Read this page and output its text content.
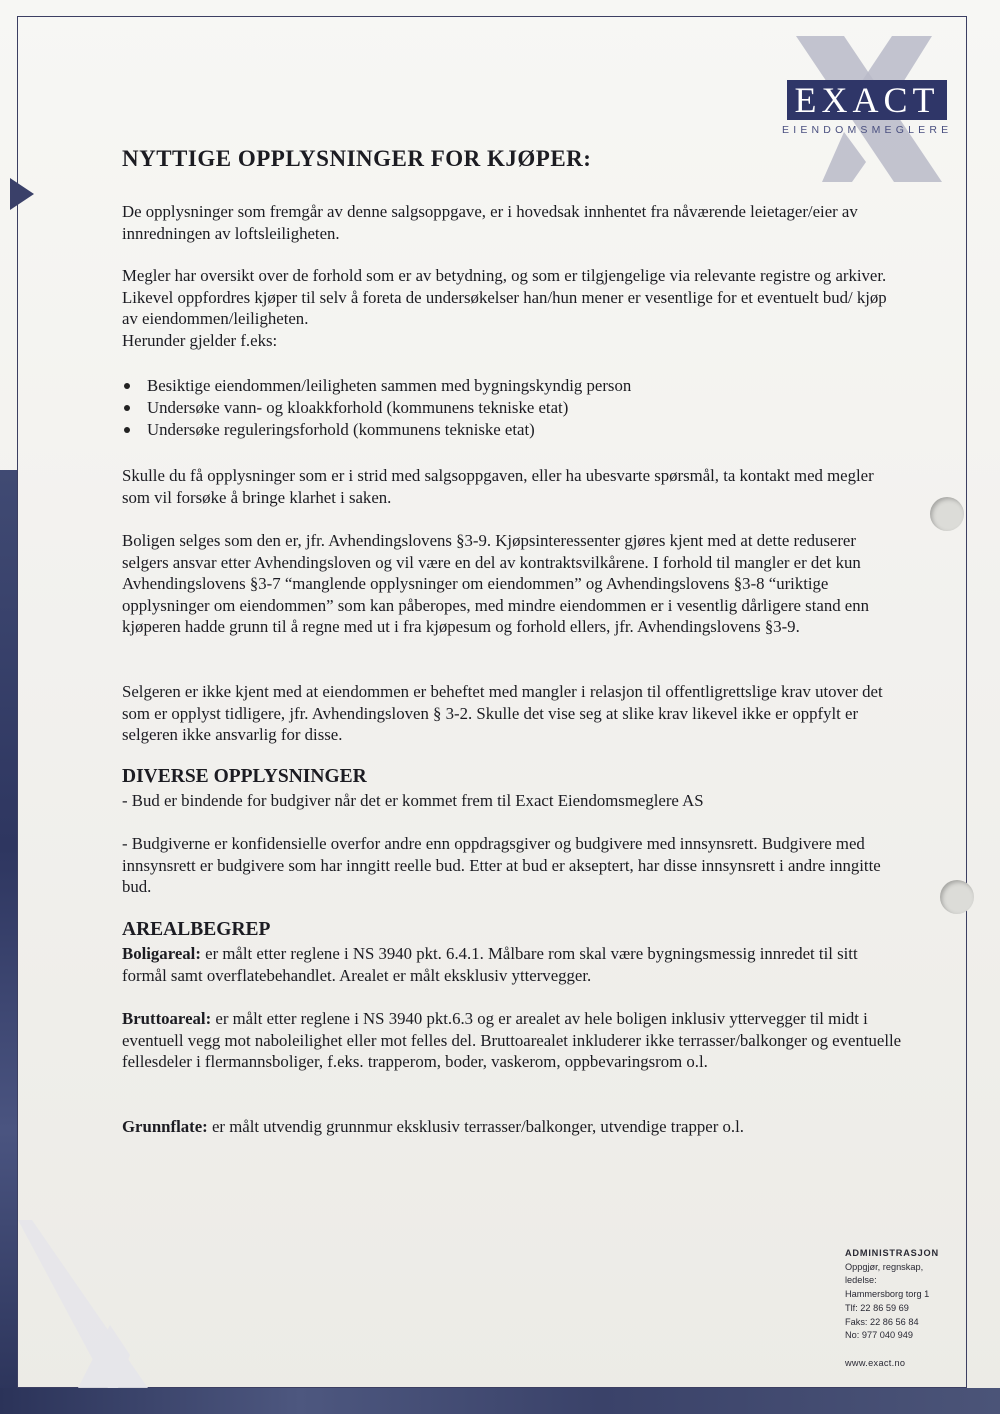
EXACT
EIENDOMSMEGLERE
NYTTIGE OPPLYSNINGER FOR KJØPER:

De opplysninger som fremgår av denne salgsoppgave, er i hovedsak innhentet fra nåværende leietager/eier av innredningen av loftsleiligheten.

Megler har oversikt over de forhold som er av betydning, og som er tilgjengelige via relevante registre og arkiver. Likevel oppfordres kjøper til selv å foreta de undersøkelser han/hun mener er vesentlige for et eventuelt bud/ kjøp av eiendommen/leiligheten.

Herunder gjelder f.eks:

Besiktige eiendommen/leiligheten sammen med bygningskyndig person
Undersøke vann- og kloakkforhold (kommunens tekniske etat)
Undersøke reguleringsforhold (kommunens tekniske etat)

Skulle du få opplysninger som er i strid med salgsoppgaven, eller ha ubesvarte spørsmål, ta kontakt med megler som vil forsøke å bringe klarhet i saken.

Boligen selges som den er, jfr. Avhendingslovens §3-9. Kjøpsinteressenter gjøres kjent med at dette reduserer selgers ansvar etter Avhendingsloven og vil være en del av kontraktsvilkårene. I forhold til mangler er det kun Avhendingslovens §3-7 “manglende opplysninger om eiendommen” og Avhendingslovens §3-8 “uriktige opplysninger om eiendommen” som kan påberopes, med mindre eiendommen er i vesentlig dårligere stand enn kjøperen hadde grunn til å regne med ut i fra kjøpesum og forhold ellers, jfr. Avhendingslovens §3-9.

Selgeren er ikke kjent med at eiendommen er beheftet med mangler i relasjon til offentligrettslige krav utover det som er opplyst tidligere, jfr. Avhendingsloven § 3-2. Skulle det vise seg at slike krav likevel ikke er oppfylt er selgeren ikke ansvarlig for disse.

DIVERSE OPPLYSNINGER

- Bud er bindende for budgiver når det er kommet frem til Exact Eiendomsmeglere AS

- Budgiverne er konfidensielle overfor andre enn oppdragsgiver og budgivere med innsynsrett. Budgivere med innsynsrett er budgivere som har inngitt reelle bud. Etter at bud er akseptert, har disse innsynsrett i andre inngitte bud.

AREALBEGREP

Boligareal: er målt etter reglene i NS 3940 pkt. 6.4.1. Målbare rom skal være bygningsmessig innredet til sitt formål samt overflatebehandlet. Arealet er målt eksklusiv yttervegger.

Bruttoareal: er målt etter reglene i NS 3940 pkt.6.3 og er arealet av hele boligen inklusiv yttervegger til midt i eventuell vegg mot naboleilighet eller mot felles del. Bruttoarealet inkluderer ikke terrasser/balkonger og eventuelle fellesdeler i flermannsboliger, f.eks. trapperom, boder, vaskerom, oppbevaringsrom o.l.

Grunnflate: er målt utvendig grunnmur eksklusiv terrasser/balkonger, utvendige trapper o.l.

ADMINISTRASJON
Oppgjør, regnskap,
ledelse:
Hammersborg torg 1
Tlf: 22 86 59 69
Faks: 22 86 56 84
No: 977 040 949
www.exact.no
